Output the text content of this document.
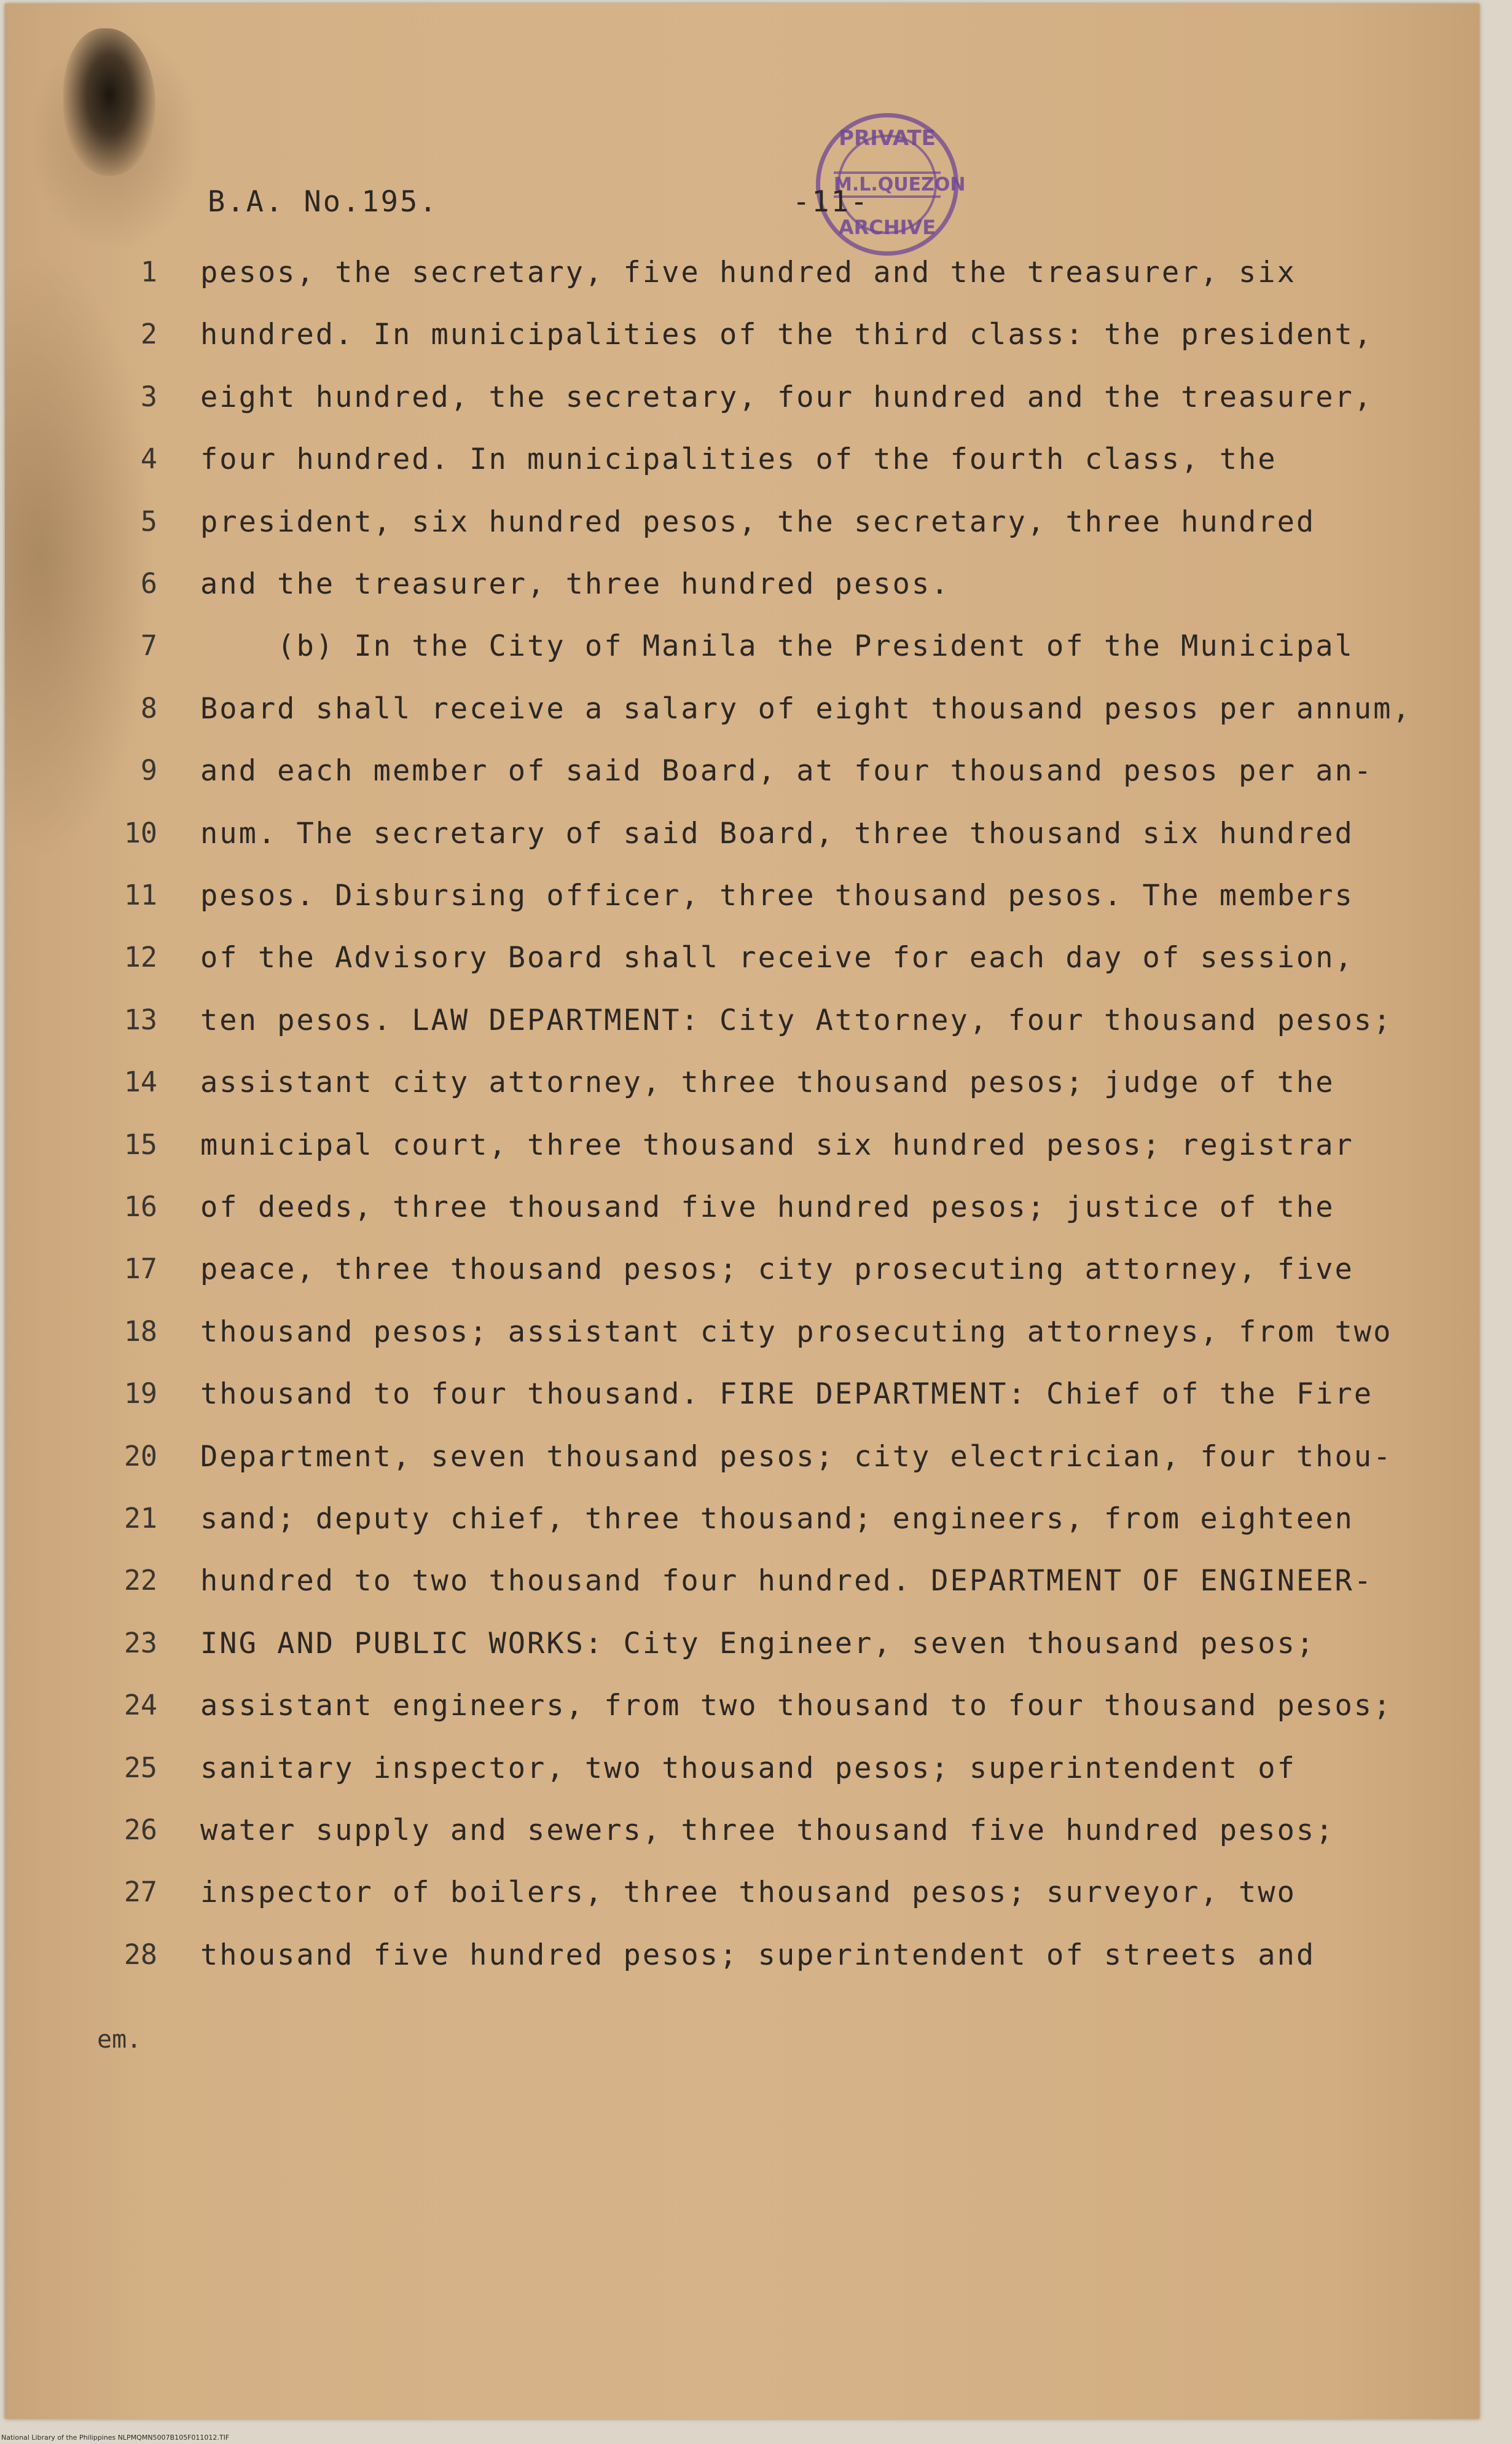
PRIVATE
M.L.QUEZON
ARCHIVE

B.A. No.195.	-11-

1 pesos, the secretary, five hundred and the treasurer, six
2 hundred. In municipalities of the third class: the president,
3 eight hundred, the secretary, four hundred and the treasurer,
4 four hundred. In municipalities of the fourth class, the
5 president, six hundred pesos, the secretary, three hundred
6 and the treasurer, three hundred pesos.
7 (b) In the City of Manila the President of the Municipal
8 Board shall receive a salary of eight thousand pesos per annum,
9 and each member of said Board, at four thousand pesos per an-
10 num. The secretary of said Board, three thousand six hundred
11 pesos. Disbursing officer, three thousand pesos. The members
12 of the Advisory Board shall receive for each day of session,
13 ten pesos. LAW DEPARTMENT: City Attorney, four thousand pesos;
14 assistant city attorney, three thousand pesos; judge of the
15 municipal court, three thousand six hundred pesos; registrar
16 of deeds, three thousand five hundred pesos; justice of the
17 peace, three thousand pesos; city prosecuting attorney, five
18 thousand pesos; assistant city prosecuting attorneys, from two
19 thousand to four thousand. FIRE DEPARTMENT: Chief of the Fire
20 Department, seven thousand pesos; city electrician, four thou-
21 sand; deputy chief, three thousand; engineers, from eighteen
22 hundred to two thousand four hundred. DEPARTMENT OF ENGINEER-
23 ING AND PUBLIC WORKS: City Engineer, seven thousand pesos;
24 assistant engineers, from two thousand to four thousand pesos;
25 sanitary inspector, two thousand pesos; superintendent of
26 water supply and sewers, three thousand five hundred pesos;
27 inspector of boilers, three thousand pesos; surveyor, two
28 thousand five hundred pesos; superintendent of streets and

em.

National Library of the Philippines NLPMQMN5007B105F011012.TIF
